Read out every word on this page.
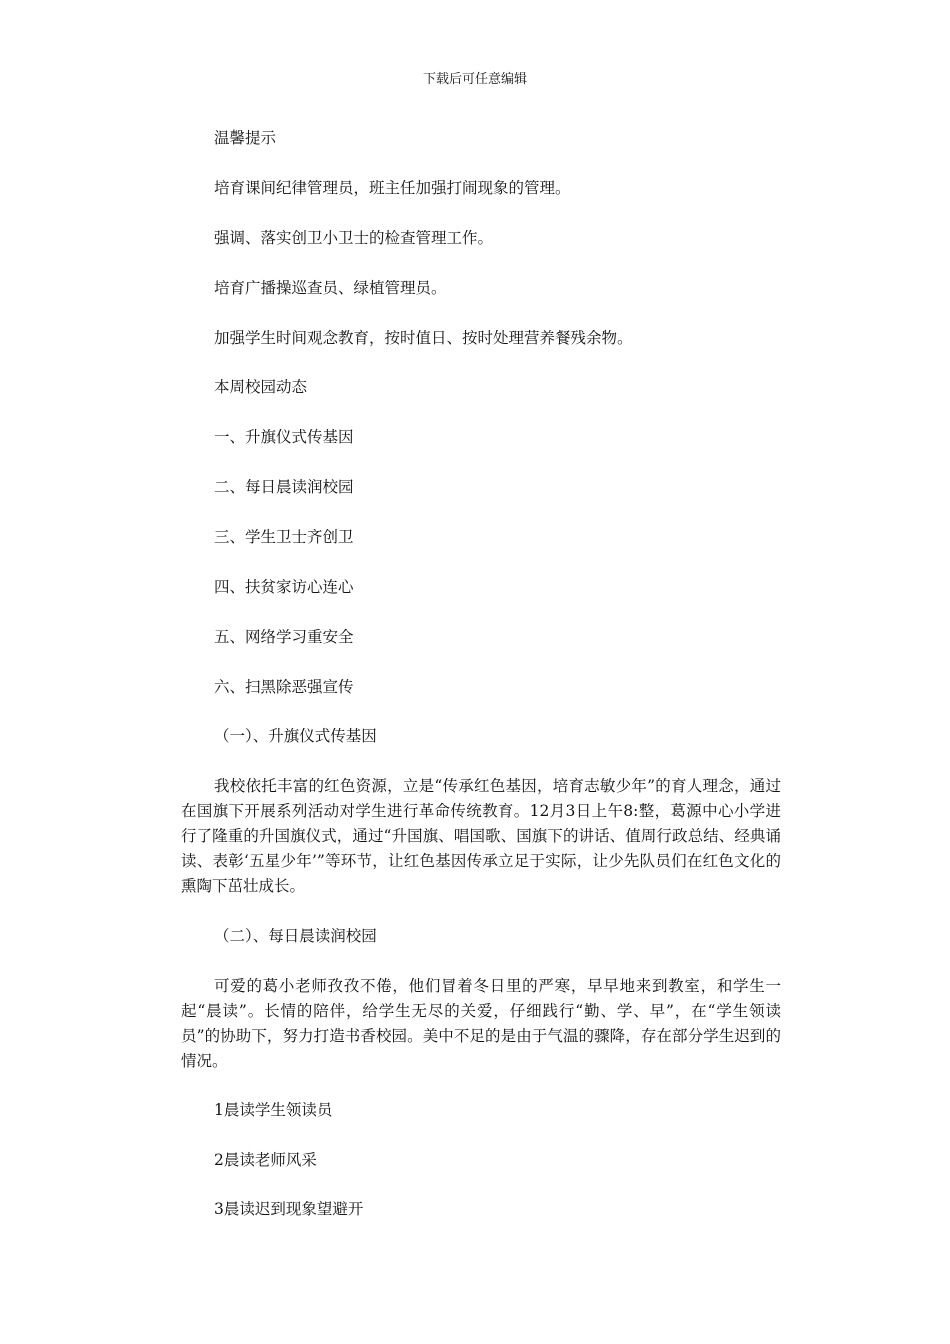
下载后可任意编辑
温馨提示
培育课间纪律管理员，班主任加强打闹现象的管理。
强调、落实创卫小卫士的检查管理工作。
培育广播操巡查员、绿植管理员。
加强学生时间观念教育，按时值日、按时处理营养餐残余物。
本周校园动态
一、升旗仪式传基因
二、每日晨读润校园
三、学生卫士齐创卫
四、扶贫家访心连心
五、网络学习重安全
六、扫黑除恶强宣传
（一）、升旗仪式传基因
我校依托丰富的红色资源，立是“传承红色基因，培育志敏少年”的育人理念，通过在国旗下开展系列活动对学生进行革命传统教育。12月3日上午8:整，葛源中心小学进行了隆重的升国旗仪式，通过“升国旗、唱国歌、国旗下的讲话、值周行政总结、经典诵读、表彰‘五星少年’”等环节，让红色基因传承立足于实际，让少先队员们在红色文化的熏陶下茁壮成长。
（二）、每日晨读润校园
可爱的葛小老师孜孜不倦，他们冒着冬日里的严寒，早早地来到教室，和学生一起“晨读”。长情的陪伴，给学生无尽的关爱，仔细践行“勤、学、早”，在“学生领读员”的协助下，努力打造书香校园。美中不足的是由于气温的骤降，存在部分学生迟到的情况。
1晨读学生领读员
2晨读老师风采
3晨读迟到现象望避开
